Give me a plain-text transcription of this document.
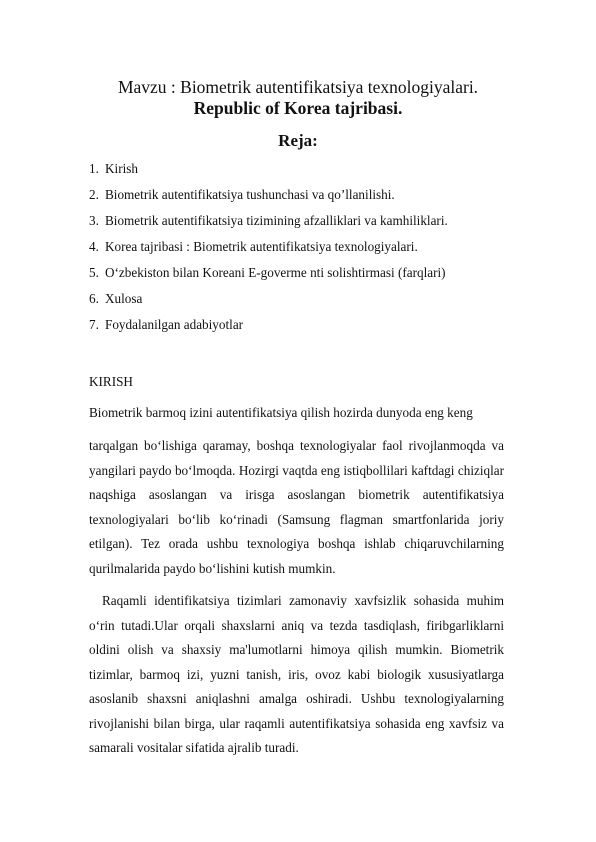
Mavzu : Biometrik autentifikatsiya texnologiyalari.
Republic of Korea tajribasi.
Reja:
1. Kirish
2. Biometrik autentifikatsiya tushunchasi va qo’llanilishi.
3. Biometrik autentifikatsiya tizimining afzalliklari va kamhiliklari.
4. Korea tajribasi : Biometrik autentifikatsiya texnologiyalari.
5. O‘zbekiston bilan Koreani E-goverme nti solishtirmasi (farqlari)
6. Xulosa
7. Foydalanilgan adabiyotlar
KIRISH
Biometrik barmoq izini autentifikatsiya qilish hozirda dunyoda eng keng

tarqalgan bo‘lishiga qaramay, boshqa texnologiyalar faol rivojlanmoqda va yangilari paydo bo‘lmoqda. Hozirgi vaqtda eng istiqbollilari kaftdagi chiziqlar naqshiga asoslangan va irisga asoslangan biometrik autentifikatsiya texnologiyalari bo‘lib ko‘rinadi (Samsung flagman smartfonlarida joriy etilgan). Tez orada ushbu texnologiya boshqa ishlab chiqaruvchilarning qurilmalarida paydo bo‘lishini kutish mumkin.

Raqamli identifikatsiya tizimlari zamonaviy xavfsizlik sohasida muhim o‘rin tutadi.Ular orqali shaxslarni aniq va tezda tasdiqlash, firibgarliklarni oldini olish va shaxsiy ma'lumotlarni himoya qilish mumkin. Biometrik tizimlar, barmoq izi, yuzni tanish, iris, ovoz kabi biologik xususiyatlarga asoslanib shaxsni aniqlashni amalga oshiradi. Ushbu texnologiyalarning rivojlanishi bilan birga, ular raqamli autentifikatsiya sohasida eng xavfsiz va samarali vositalar sifatida ajralib turadi.
